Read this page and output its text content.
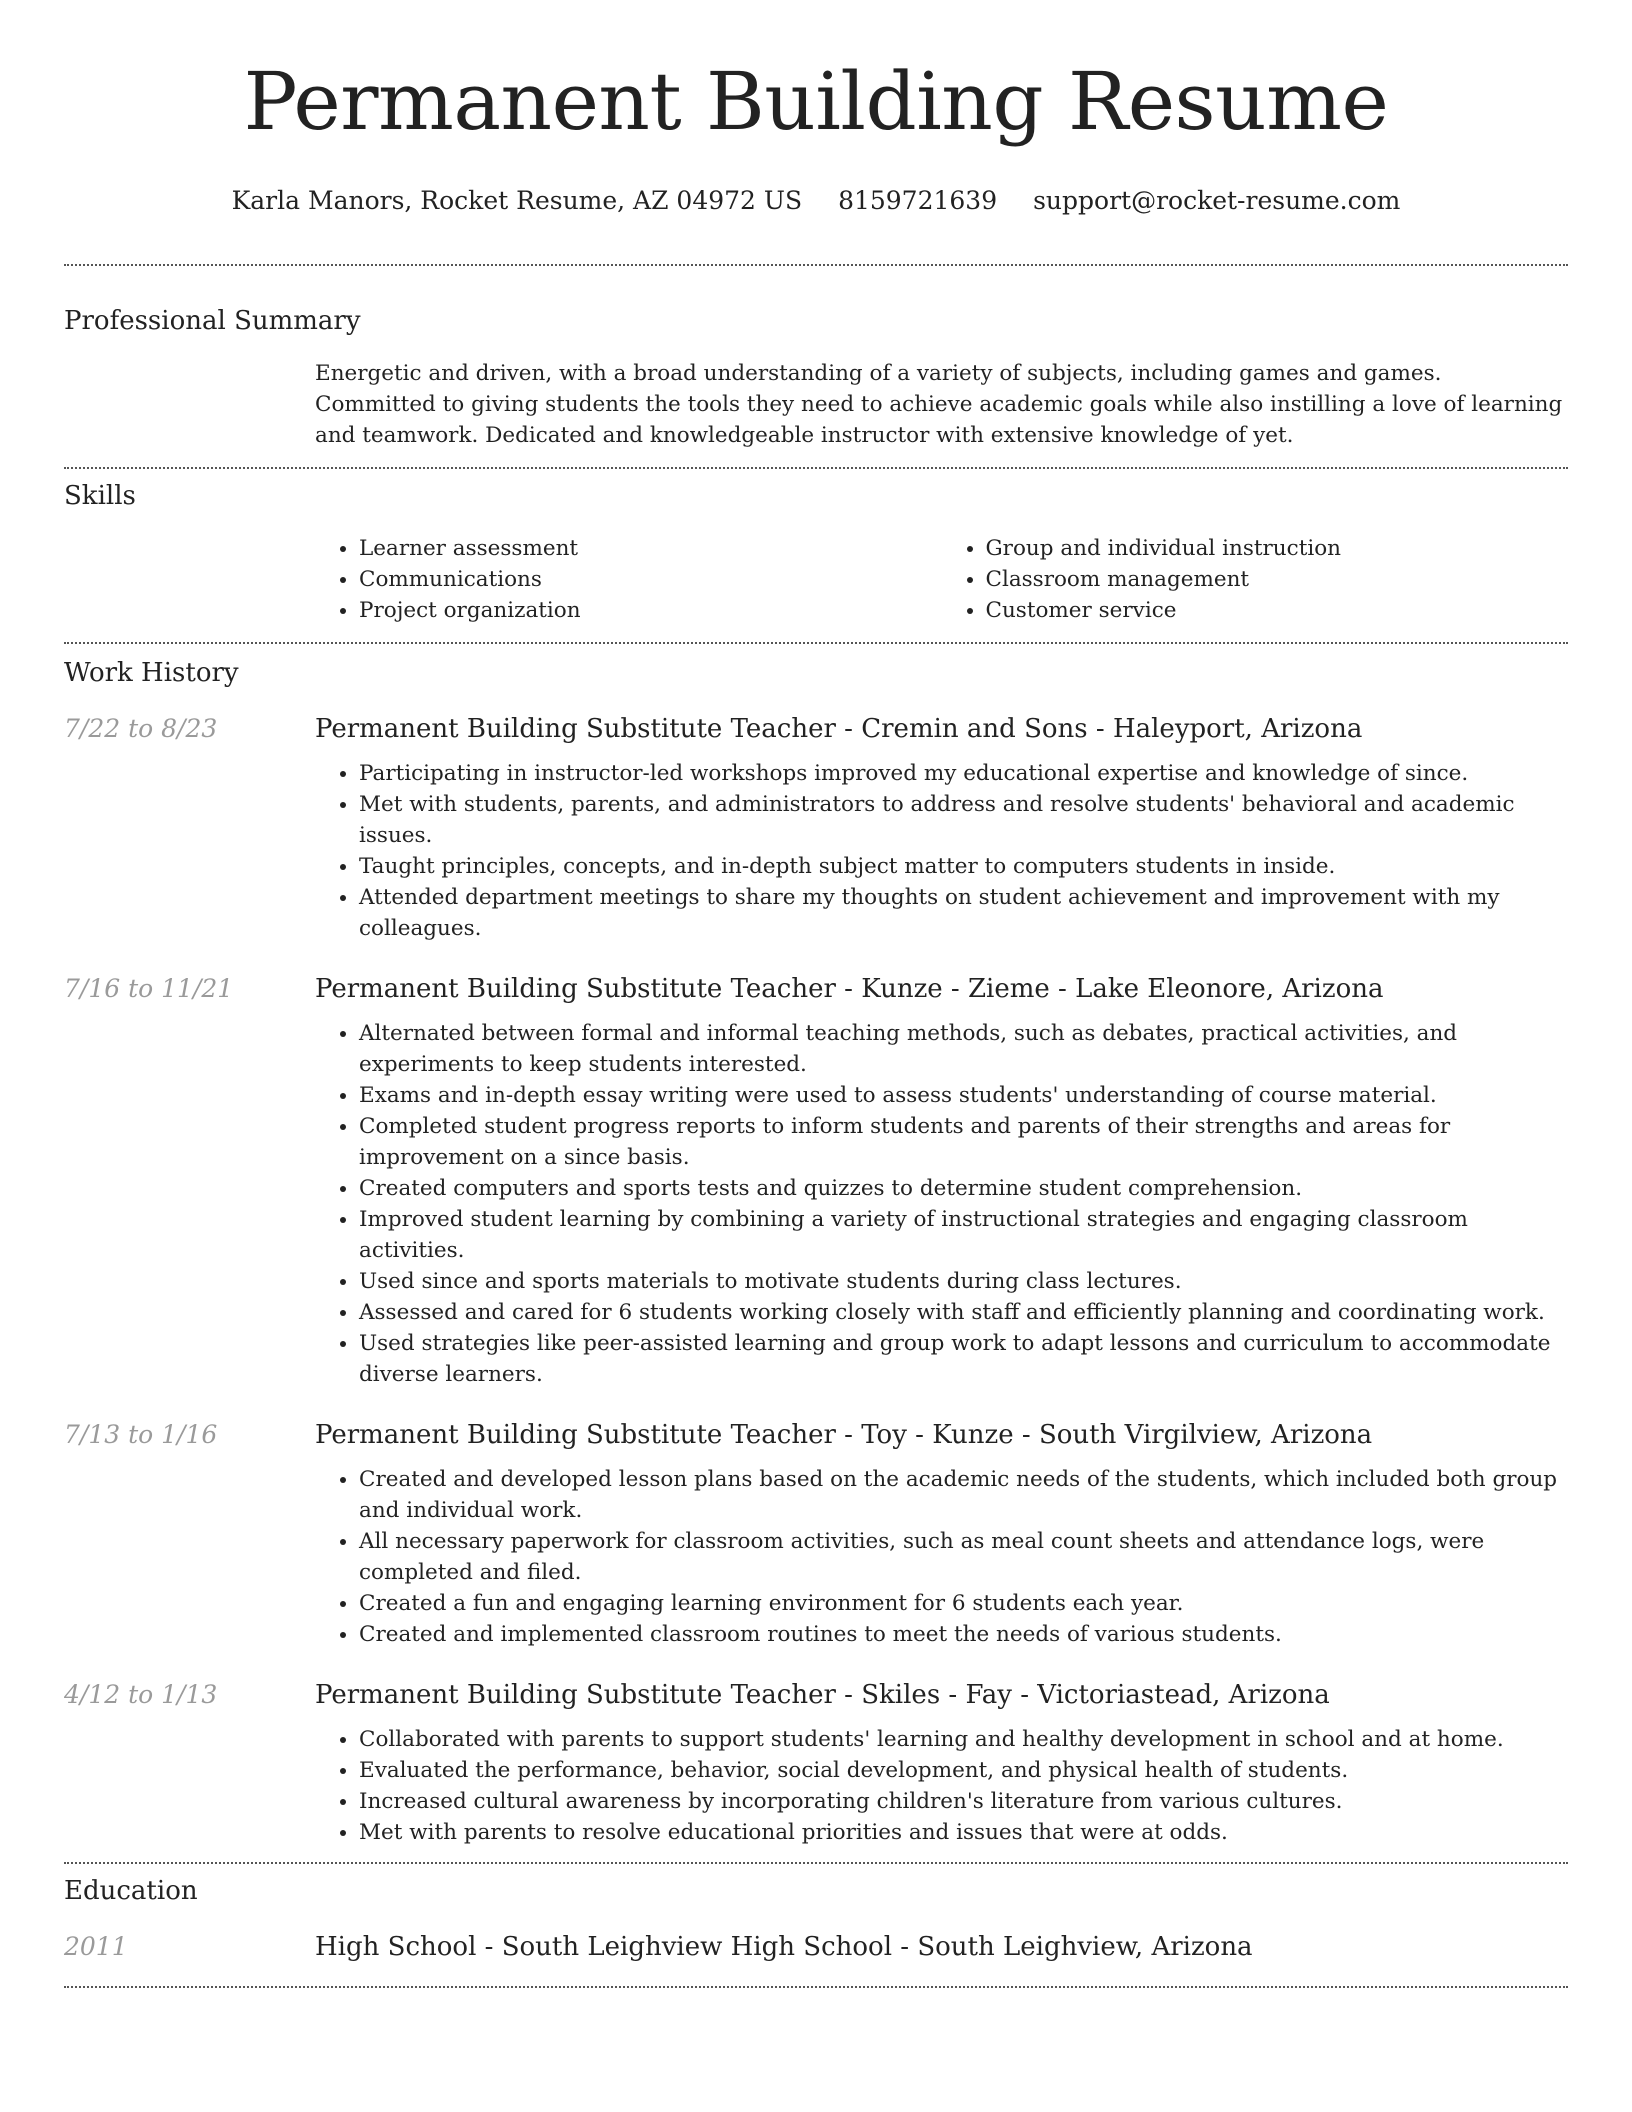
Permanent Building Resume
Karla Manors, Rocket Resume, AZ 04972 US 8159721639 support@rocket-resume.com
Professional Summary

Energetic and driven, with a broad understanding of a variety of subjects, including games and games. Committed to giving students the tools they need to achieve academic goals while also instilling a love of learning and teamwork. Dedicated and knowledgeable instructor with extensive knowledge of yet.

Skills
• Learner assessment
• Communications
• Project organization
• Group and individual instruction
• Classroom management
• Customer service
Work History
7/22 to 8/23	Permanent Building Substitute Teacher - Cremin and Sons - Haleyport, Arizona
• Participating in instructor-led workshops improved my educational expertise and knowledge of since.
• Met with students, parents, and administrators to address and resolve students' behavioral and academic issues.
• Taught principles, concepts, and in-depth subject matter to computers students in inside.
• Attended department meetings to share my thoughts on student achievement and improvement with my colleagues.
7/16 to 11/21	Permanent Building Substitute Teacher - Kunze - Zieme - Lake Eleonore, Arizona
• Alternated between formal and informal teaching methods, such as debates, practical activities, and experiments to keep students interested.
• Exams and in-depth essay writing were used to assess students' understanding of course material.
• Completed student progress reports to inform students and parents of their strengths and areas for improvement on a since basis.
• Created computers and sports tests and quizzes to determine student comprehension.
• Improved student learning by combining a variety of instructional strategies and engaging classroom activities.
• Used since and sports materials to motivate students during class lectures.
• Assessed and cared for 6 students working closely with staff and efficiently planning and coordinating work.
• Used strategies like peer-assisted learning and group work to adapt lessons and curriculum to accommodate diverse learners.
7/13 to 1/16	Permanent Building Substitute Teacher - Toy - Kunze - South Virgilview, Arizona
• Created and developed lesson plans based on the academic needs of the students, which included both group and individual work.
• All necessary paperwork for classroom activities, such as meal count sheets and attendance logs, were completed and filed.
• Created a fun and engaging learning environment for 6 students each year.
• Created and implemented classroom routines to meet the needs of various students.
4/12 to 1/13	Permanent Building Substitute Teacher - Skiles - Fay - Victoriastead, Arizona
• Collaborated with parents to support students' learning and healthy development in school and at home.
• Evaluated the performance, behavior, social development, and physical health of students.
• Increased cultural awareness by incorporating children's literature from various cultures.
• Met with parents to resolve educational priorities and issues that were at odds.
Education
2011	High School - South Leighview High School - South Leighview, Arizona
